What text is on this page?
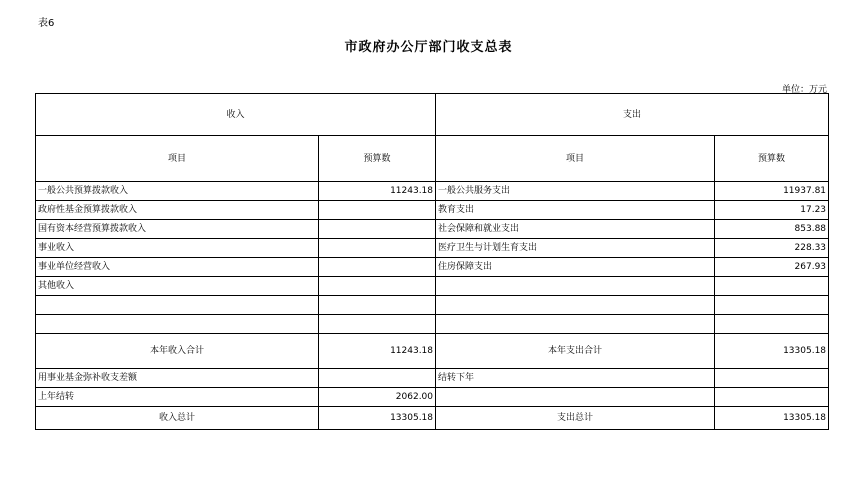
表6
市政府办公厅部门收支总表
单位：万元
收入		支出	
项目	预算数	项目	预算数
一般公共预算拨款收入	11243.18	一般公共服务支出	11937.81
政府性基金预算拨款收入		教育支出	17.23
国有资本经营预算拨款收入		社会保障和就业支出	853.88
事业收入		医疗卫生与计划生育支出	228.33
事业单位经营收入		住房保障支出	267.93
其他收入			

本年收入合计	11243.18	本年支出合计	13305.18
用事业基金弥补收支差额		结转下年	
上年结转	2062.00		
收入总计	13305.18	支出总计	13305.18
